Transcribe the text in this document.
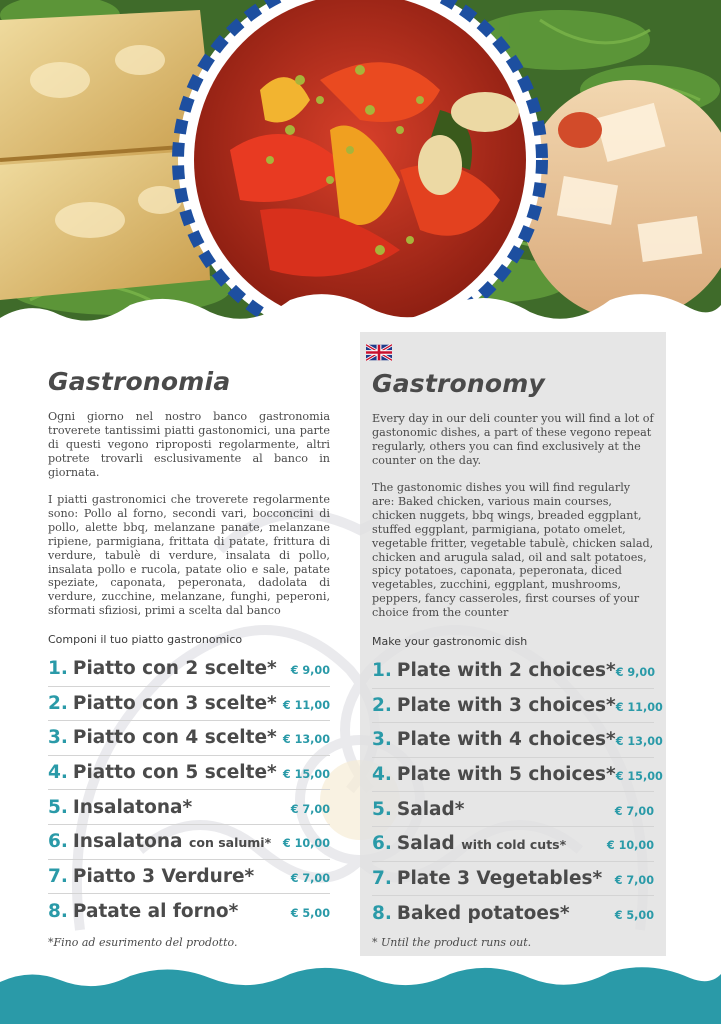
Gastronomia

Ogni giorno nel nostro banco gastronomia troverete tantissimi piatti gastonomici, una parte di questi vegono riproposti regolarmente, altri potrete trovarli esclusivamente al banco in giornata.

I piatti gastronomici che troverete regolarmente sono: Pollo al forno, secondi vari, bocconcini di pollo, alette bbq, melanzane panate, melanzane ripiene, parmigiana, frittata di patate, frittura di verdure, tabulè di verdure, insalata di pollo, insalata pollo e rucola, patate olio e sale, patate speziate, caponata, peperonata, dadolata di verdure, zucchine, melanzane, funghi, peperoni, sformati sfiziosi, primi a scelta dal banco

Componi il tuo piatto gastronomico
1. Piatto con 2 scelte* € 9,00
2. Piatto con 3 scelte* € 11,00
3. Piatto con 4 scelte* € 13,00
4. Piatto con 5 scelte* € 15,00
5. Insalatona*	€ 7,00
6. Insalatona con salumi* € 10,00
7. Piatto 3 Verdure*	€ 7,00
8. Patate al forno*	€ 5,00
*Fino ad esurimento del prodotto.
Gastronomy

Every day in our deli counter you will find a lot of gastonomic dishes, a part of these vegono repeat regularly, others you can find exclusively at the counter on the day.

The gastonomic dishes you will find regularly are: Baked chicken, various main courses, chicken nuggets, bbq wings, breaded eggplant, stuffed eggplant, parmigiana, potato omelet, vegetable fritter, vegetable tabulè, chicken salad, chicken and arugula salad, oil and salt potatoes, spicy potatoes, caponata, peperonata, diced vegetables, zucchini, eggplant, mushrooms, peppers, fancy casseroles, first courses of your choice from the counter

Make your gastronomic dish
1. Plate with 2 choices* € 9,00
2. Plate with 3 choices* € 11,00
3. Plate with 4 choices* € 13,00
4. Plate with 5 choices* € 15,00
5. Salad*	€ 7,00
6. Salad with cold cuts*	€ 10,00
7. Plate 3 Vegetables* € 7,00
8. Baked potatoes*	€ 5,00
* Until the product runs out.
